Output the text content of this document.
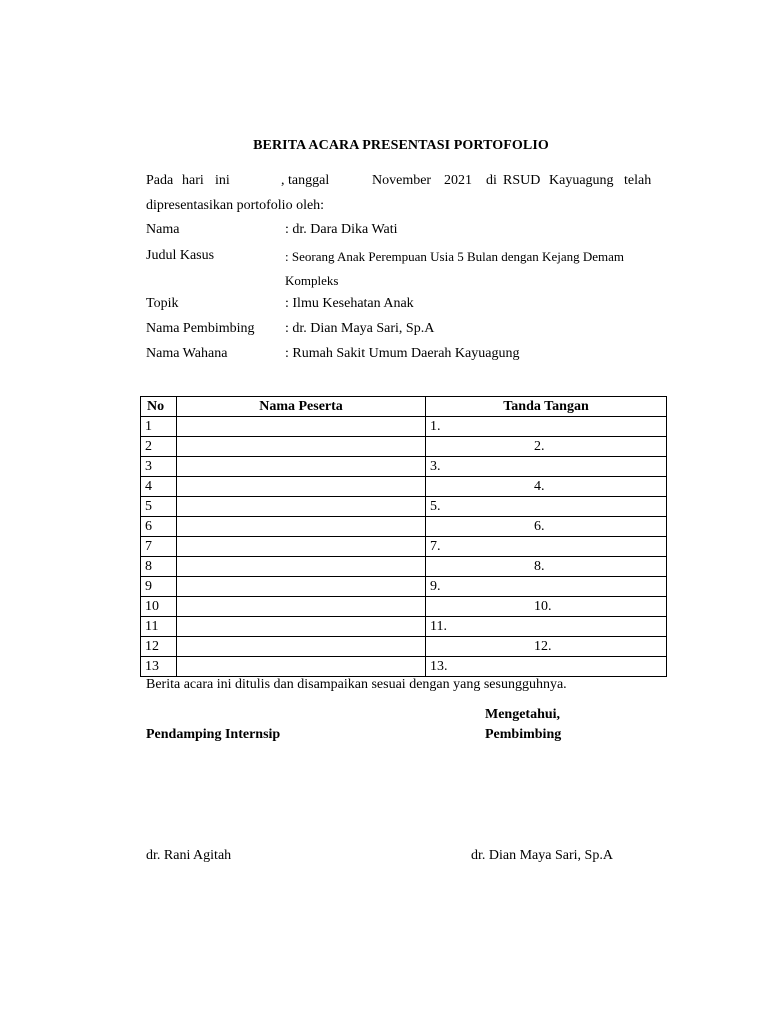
BERITA ACARA PRESENTASI PORTOFOLIO
Pada hari ini	, tanggal	November 2021 di RSUD Kayuagung telah
dipresentasikan portofolio oleh:
Nama	: dr. Dara Dika Wati
Judul Kasus	: Seorang Anak Perempuan Usia 5 Bulan dengan Kejang Demam
Kompleks
Topik	: Ilmu Kesehatan Anak
Nama Pembimbing : dr. Dian Maya Sari, Sp.A
Nama Wahana	: Rumah Sakit Umum Daerah Kayuagung
No	Nama Peserta	Tanda Tangan
1		1.
2		2.
3		3.
4		4.
5		5.
6		6.
7		7.
8		8.
9		9.
10		10.
11		11.
12		12.
13		13.
Berita acara ini ditulis dan disampaikan sesuai dengan yang sesungguhnya.
Mengetahui,
Pendamping Internsip	Pembimbing
dr. Rani Agitah	dr. Dian Maya Sari, Sp.A
